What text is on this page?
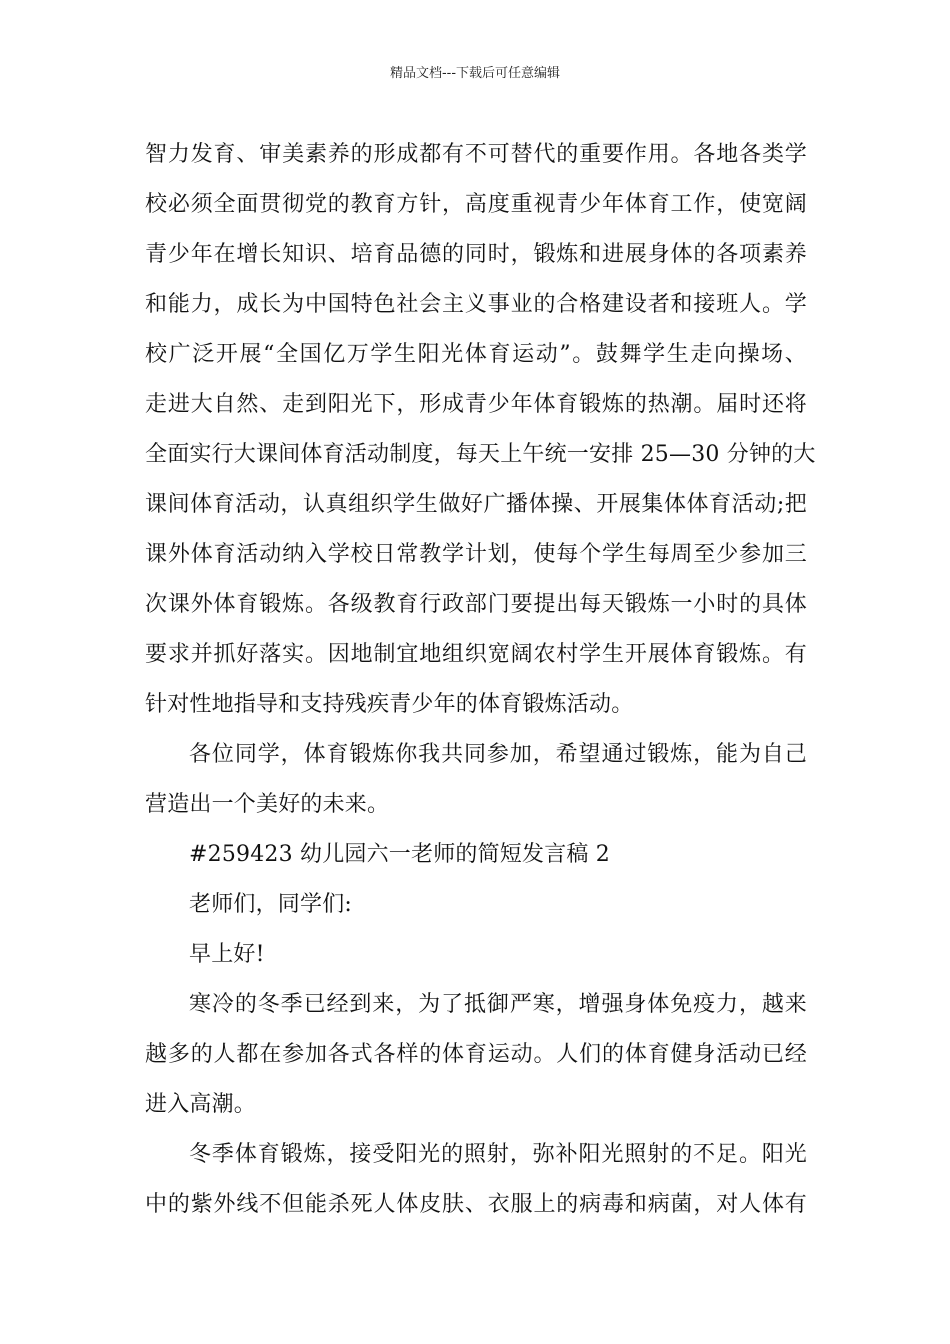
精品文档---下载后可任意编辑
智力发育、审美素养的形成都有不可替代的重要作用。各地各类学
校必须全面贯彻党的教育方针，高度重视青少年体育工作，使宽阔
青少年在增长知识、培育品德的同时，锻炼和进展身体的各项素养
和能力，成长为中国特色社会主义事业的合格建设者和接班人。学
校广泛开展“全国亿万学生阳光体育运动”。鼓舞学生走向操场、
走进大自然、走到阳光下，形成青少年体育锻炼的热潮。届时还将
全面实行大课间体育活动制度，每天上午统一安排 25—30 分钟的大
课间体育活动，认真组织学生做好广播体操、开展集体体育活动;把
课外体育活动纳入学校日常教学计划，使每个学生每周至少参加三
次课外体育锻炼。各级教育行政部门要提出每天锻炼一小时的具体
要求并抓好落实。因地制宜地组织宽阔农村学生开展体育锻炼。有
针对性地指导和支持残疾青少年的体育锻炼活动。
各位同学，体育锻炼你我共同参加，希望通过锻炼，能为自己
营造出一个美好的未来。
#259423 幼儿园六一老师的简短发言稿 2
老师们，同学们:
早上好!
寒冷的冬季已经到来，为了抵御严寒，增强身体免疫力，越来
越多的人都在参加各式各样的体育运动。人们的体育健身活动已经
进入高潮。
冬季体育锻炼，接受阳光的照射，弥补阳光照射的不足。阳光
中的紫外线不但能杀死人体皮肤、衣服上的病毒和病菌，对人体有
